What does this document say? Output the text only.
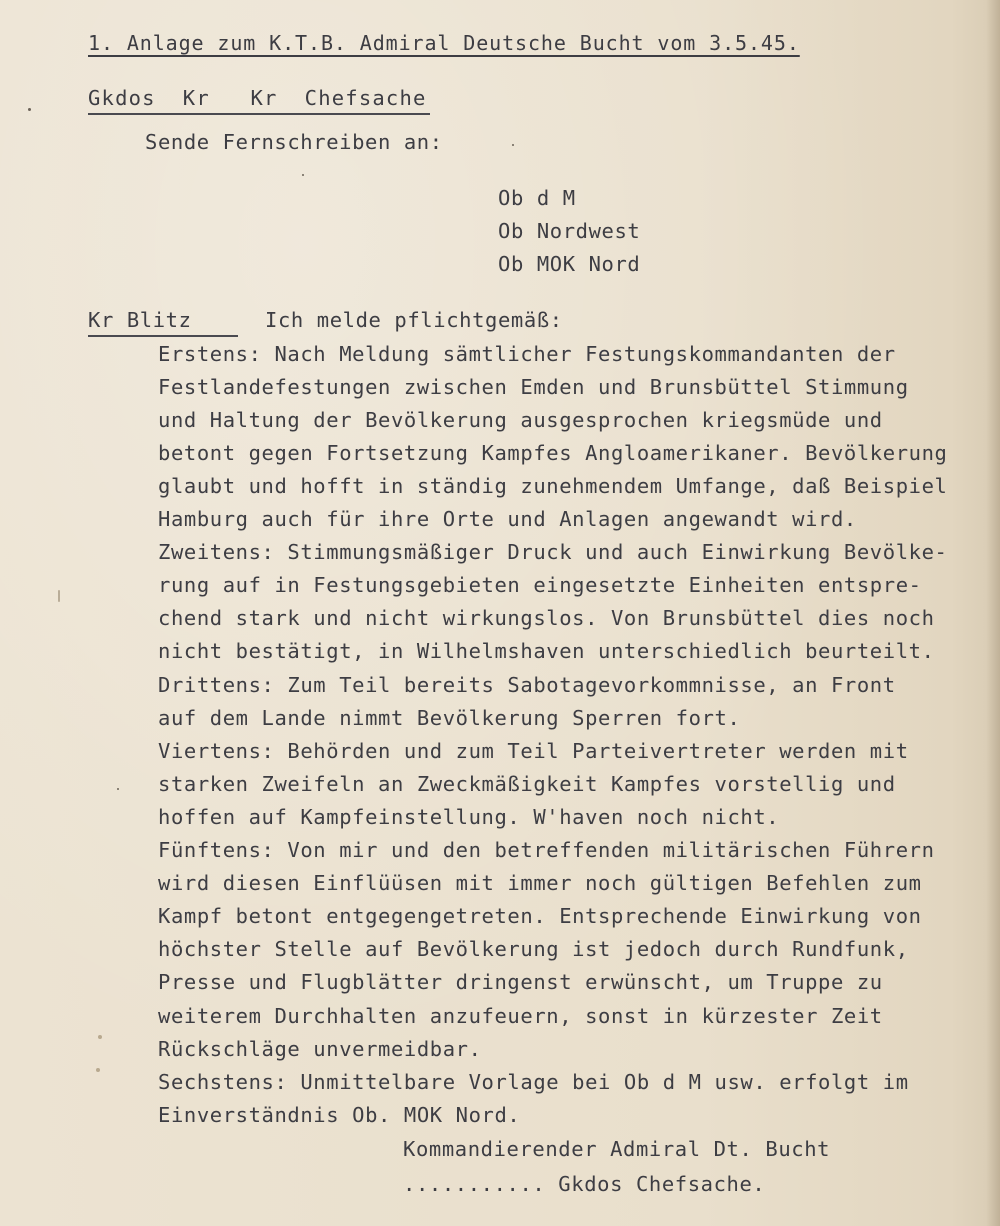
1. Anlage zum K.T.B. Admiral Deutsche Bucht vom 3.5.45.
Gkdos  Kr   Kr  Chefsache
Sende Fernschreiben an:
Ob d M
Ob Nordwest
Ob MOK Nord
Kr Blitz	Ich melde pflichtgemäß:
Erstens: Nach Meldung sämtlicher Festungskommandanten der
Festlandefestungen zwischen Emden und Brunsbüttel Stimmung
und Haltung der Bevölkerung ausgesprochen kriegsmüde und
betont gegen Fortsetzung Kampfes Angloamerikaner. Bevölkerung
glaubt und hofft in ständig zunehmendem Umfange, daß Beispiel
Hamburg auch für ihre Orte und Anlagen angewandt wird.
Zweitens: Stimmungsmäßiger Druck und auch Einwirkung Bevölke-
rung auf in Festungsgebieten eingesetzte Einheiten entspre-
chend stark und nicht wirkungslos. Von Brunsbüttel dies noch
nicht bestätigt, in Wilhelmshaven unterschiedlich beurteilt.
Drittens: Zum Teil bereits Sabotagevorkommnisse, an Front
auf dem Lande nimmt Bevölkerung Sperren fort.
Viertens: Behörden und zum Teil Parteivertreter werden mit
starken Zweifeln an Zweckmäßigkeit Kampfes vorstellig und
hoffen auf Kampfeinstellung. W'haven noch nicht.
Fünftens: Von mir und den betreffenden militärischen Führern
wird diesen Einflüüsen mit immer noch gültigen Befehlen zum
Kampf betont entgegengetreten. Entsprechende Einwirkung von
höchster Stelle auf Bevölkerung ist jedoch durch Rundfunk,
Presse und Flugblätter dringenst erwünscht, um Truppe zu
weiterem Durchhalten anzufeuern, sonst in kürzester Zeit
Rückschläge unvermeidbar.
Sechstens: Unmittelbare Vorlage bei Ob d M usw. erfolgt im
Einverständnis Ob. MOK Nord.
Kommandierender Admiral Dt. Bucht
........... Gkdos Chefsache.
